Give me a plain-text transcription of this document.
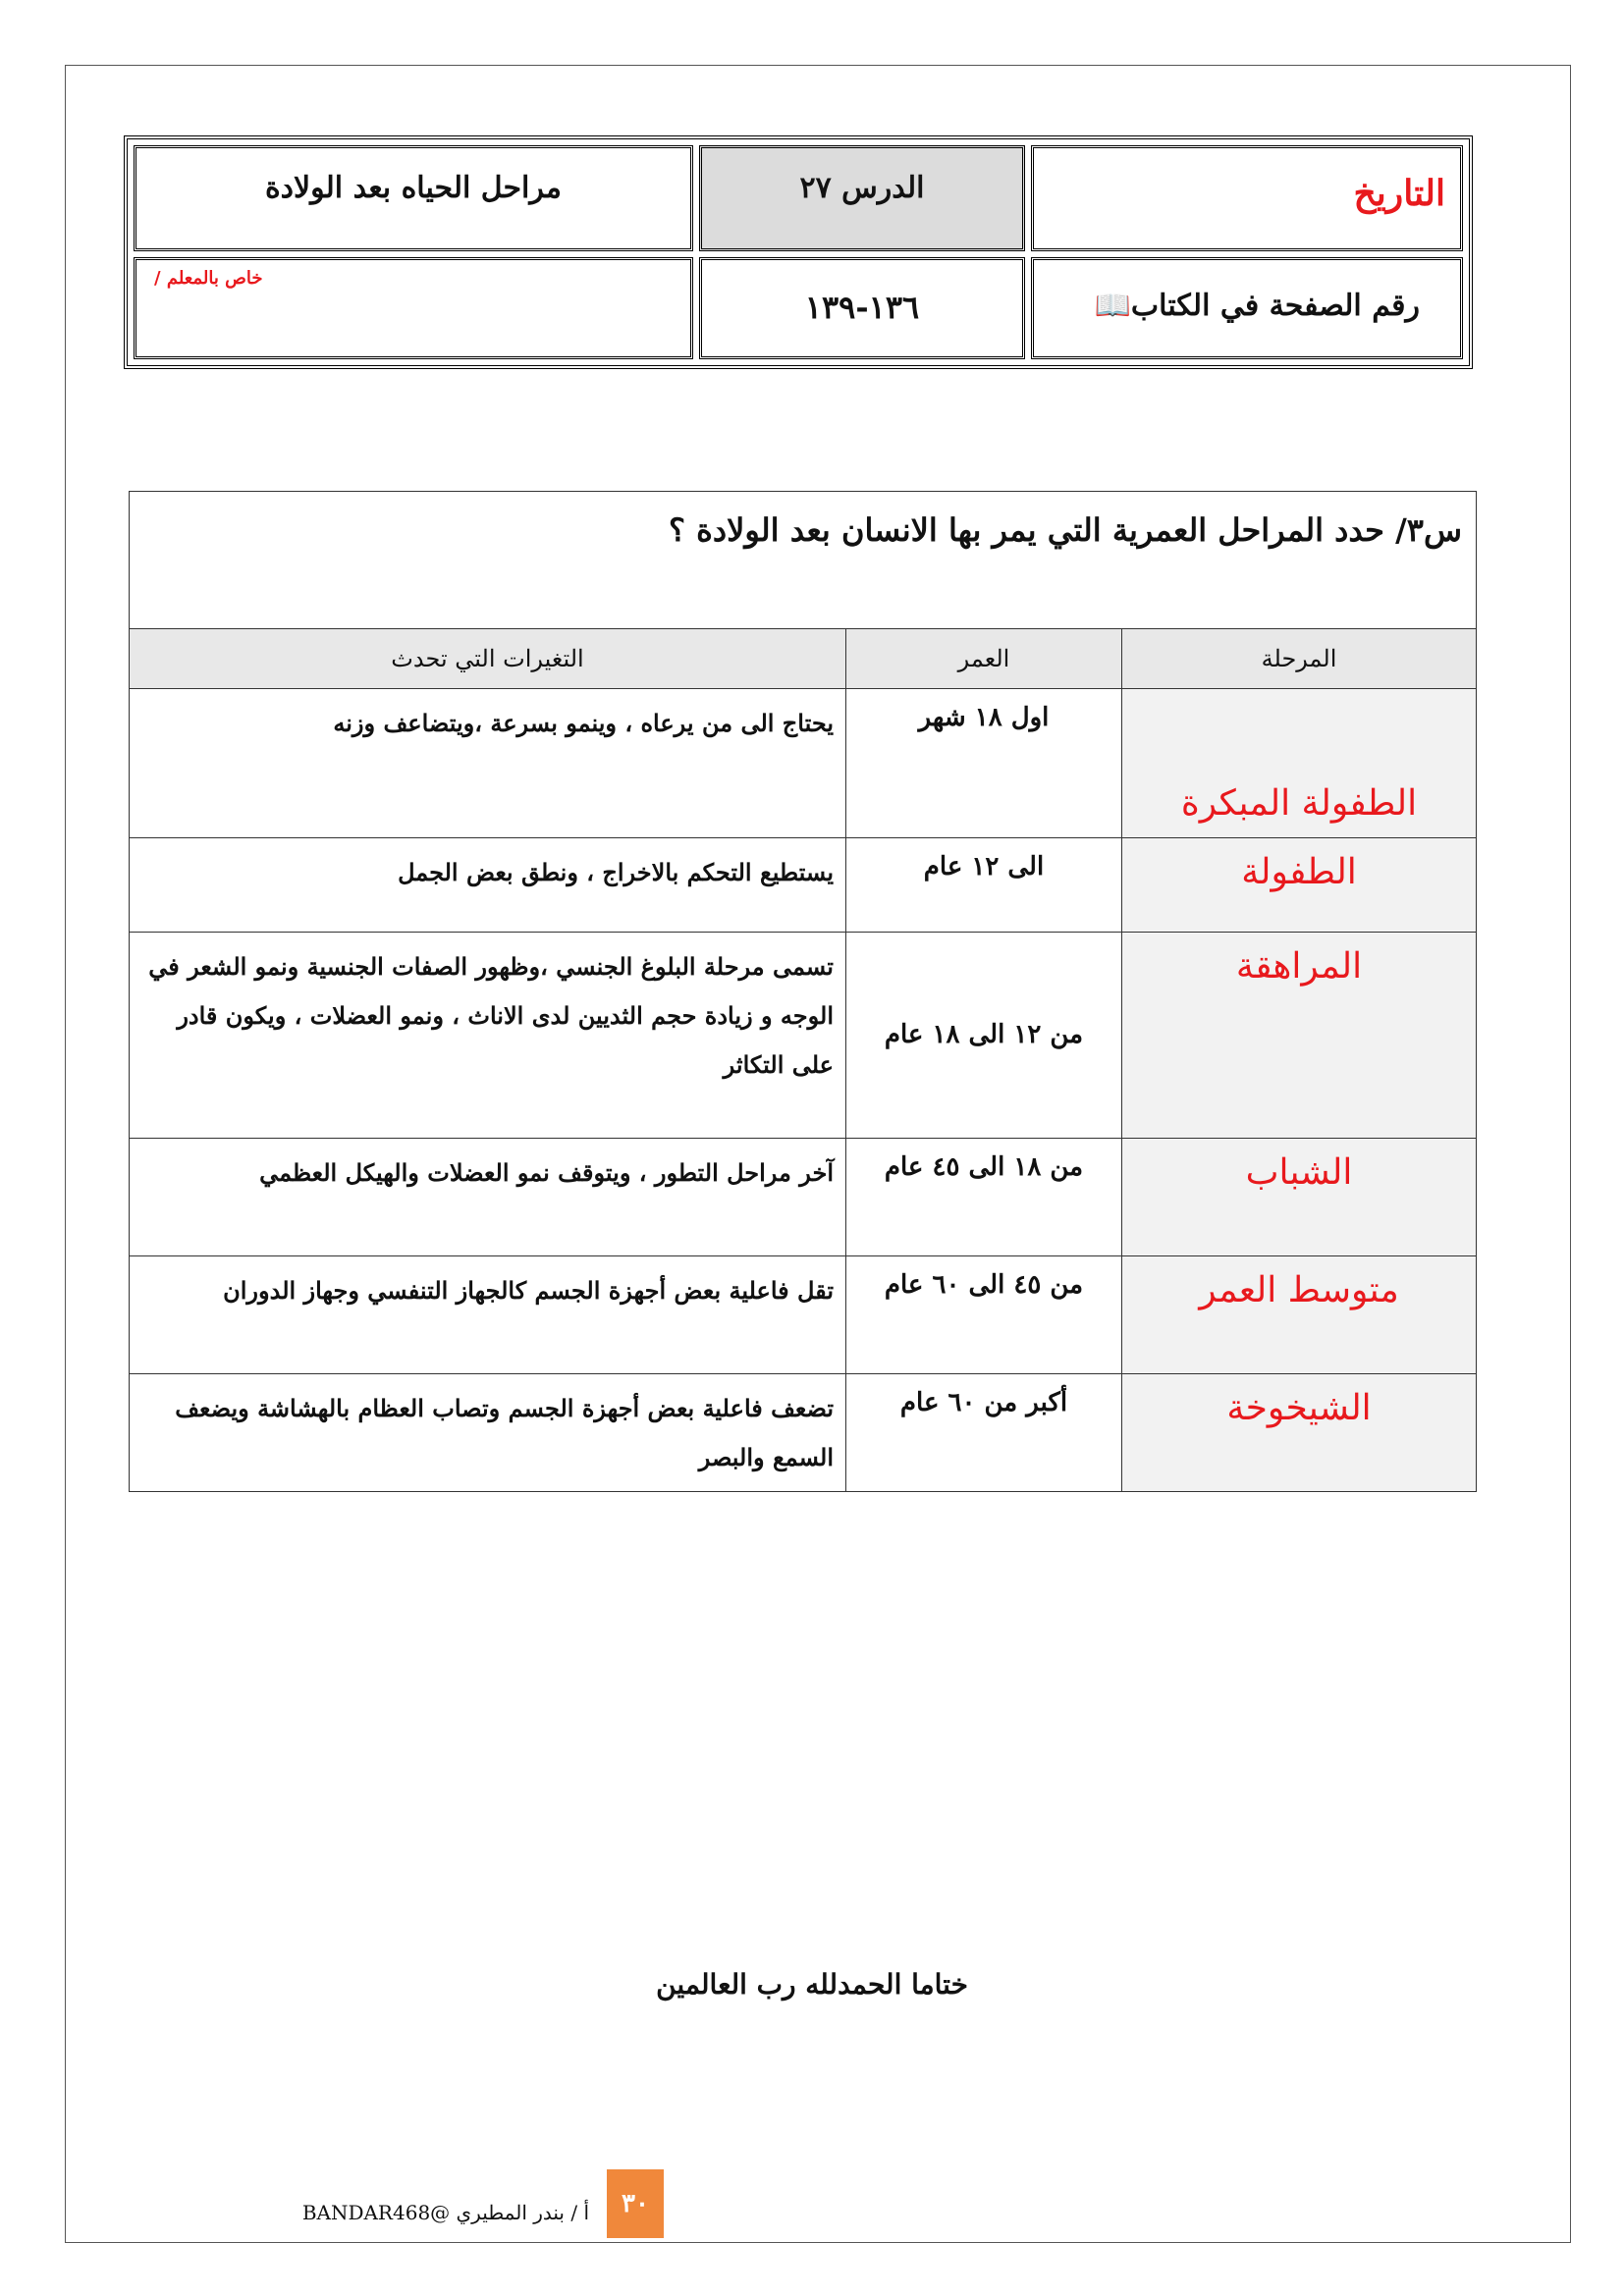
التاريخ	الدرس ٢٧	مراحل الحياه بعد الولادة

رقم الصفحة في الكتاب📖	١٣٦-١٣٩	خاص بالمعلم /
س٣/ حدد المراحل العمرية التي يمر بها الانسان بعد الولادة ؟
المرحلة	العمر	التغيرات التي تحدث
الطفولة المبكرة	اول ١٨ شهر	يحتاج الى من يرعاه ، وينمو بسرعة ،ويتضاعف وزنه
الطفولة	الى ١٢ عام	يستطيع التحكم بالاخراج ، ونطق بعض الجمل
المراهقة	من ١٢ الى ١٨ عام	تسمى مرحلة البلوغ الجنسي ،وظهور الصفات الجنسية ونمو الشعر في الوجه و زيادة حجم الثديين لدى الاناث ، ونمو العضلات ، ويكون قادر على التكاثر
الشباب	من ١٨ الى ٤٥ عام	آخر مراحل التطور ، ويتوقف نمو العضلات والهيكل العظمي
متوسط العمر	من ٤٥ الى ٦٠ عام	تقل فاعلية بعض أجهزة الجسم كالجهاز التنفسي وجهاز الدوران
الشيخوخة	أكبر من ٦٠ عام	تضعف فاعلية بعض أجهزة الجسم وتصاب العظام بالهشاشة ويضعف السمع والبصر
ختاما الحمدلله رب العالمين
٣٠
أ / بندر المطيري @BANDAR468
